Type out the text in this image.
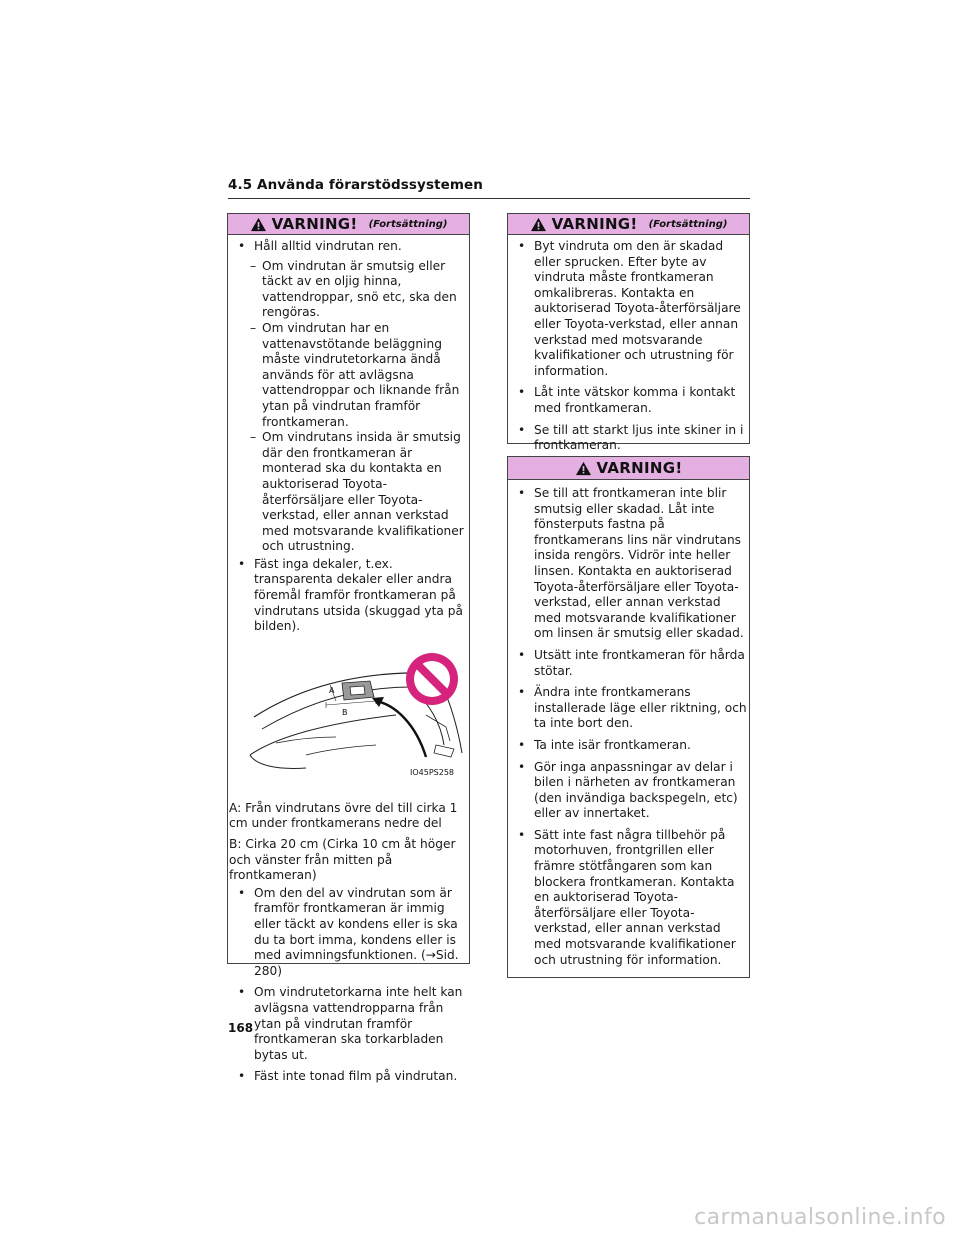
4.5 Använda förarstödssystemen
VARNING! (Fortsättning)
• Håll alltid vindrutan ren.
– Om vindrutan är smutsig eller täckt av en oljig hinna, vattendroppar, snö etc, ska den rengöras.
– Om vindrutan har en vattenavstötande beläggning måste vindrutetorkarna ändå används för att avlägsna vattendroppar och liknande från ytan på vindrutan framför frontkameran.
– Om vindrutans insida är smutsig där den frontkameran är monterad ska du kontakta en auktoriserad Toyota-återförsäljare eller Toyota-verkstad, eller annan verkstad med motsvarande kvalifikationer och utrustning.
• Fäst inga dekaler, t.ex. transparenta dekaler eller andra föremål framför frontkameran på vindrutans utsida (skuggad yta på bilden).
A
B
IO45PS258

A: Från vindrutans övre del till cirka 1 cm under frontkamerans nedre del

B: Cirka 20 cm (Cirka 10 cm åt höger och vänster från mitten på frontkameran)

• Om den del av vindrutan som är framför frontkameran är immig eller täckt av kondens eller is ska du ta bort imma, kondens eller is med avimningsfunktionen. (→Sid. 280)
• Om vindrutetorkarna inte helt kan avlägsna vattendropparna från ytan på vindrutan framför frontkameran ska torkarbladen bytas ut.
• Fäst inte tonad film på vindrutan.
VARNING! (Fortsättning)
• Byt vindruta om den är skadad eller sprucken. Efter byte av vindruta måste frontkameran omkalibreras. Kontakta en auktoriserad Toyota-återförsäljare eller Toyota-verkstad, eller annan verkstad med motsvarande kvalifikationer och utrustning för information.
• Låt inte vätskor komma i kontakt med frontkameran.
• Se till att starkt ljus inte skiner in i frontkameran.
VARNING!
• Se till att frontkameran inte blir smutsig eller skadad. Låt inte fönsterputs fastna på frontkamerans lins när vindrutans insida rengörs. Vidrör inte heller linsen. Kontakta en auktoriserad Toyota-återförsäljare eller Toyota-verkstad, eller annan verkstad med motsvarande kvalifikationer om linsen är smutsig eller skadad.
• Utsätt inte frontkameran för hårda stötar.
• Ändra inte frontkamerans installerade läge eller riktning, och ta inte bort den.
• Ta inte isär frontkameran.
• Gör inga anpassningar av delar i bilen i närheten av frontkameran (den invändiga backspegeln, etc) eller av innertaket.
• Sätt inte fast några tillbehör på motorhuven, frontgrillen eller främre stötfångaren som kan blockera frontkameran. Kontakta en auktoriserad Toyota-återförsäljare eller Toyota-verkstad, eller annan verkstad med motsvarande kvalifikationer och utrustning för information.
168
carmanualsonline.info
